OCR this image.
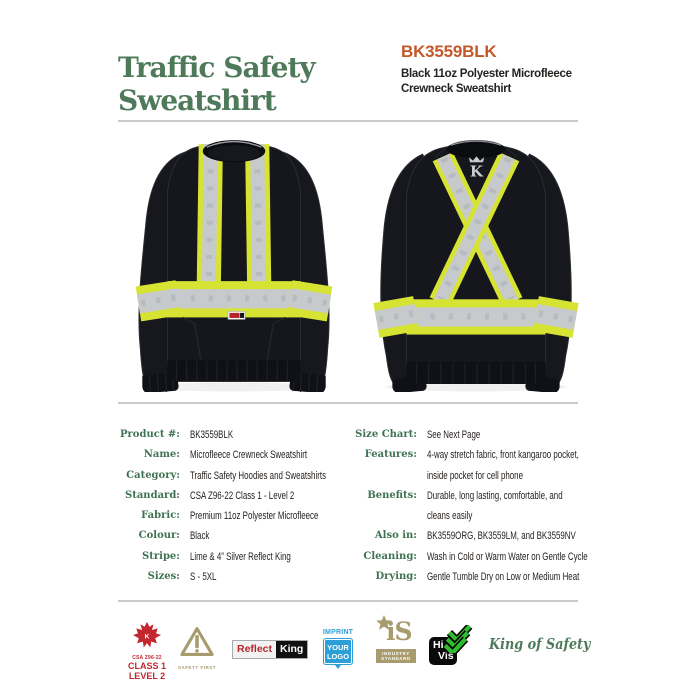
Traffic Safety
Sweatshirt
BK3559BLK
Black 11oz Polyester Microfleece
Crewneck Sweatshirt
K
Product #: BK3559BLK
Name: Microfleece Crewneck Sweatshirt
Category: Traffic Safety Hoodies and Sweatshirts
Standard: CSA Z96-22 Class 1 - Level 2
Fabric: Premium 11oz Polyester Microfleece
Colour: Black
Stripe: Lime & 4” Silver Reflect King
Sizes: S - 5XL
Size Chart: See Next Page
Features: 4-way stretch fabric, front kangaroo pocket,
inside pocket for cell phone
Benefits: Durable, long lasting, comfortable, and
cleans easily
Also in: BK3559ORG, BK3559LM, and BK3559NV
Cleaning: Wash in Cold or Warm Water on Gentle Cycle
Drying: Gentle Tumble Dry on Low or Medium Heat
K
CSA Z96-22
CLASS 1
LEVEL 2
SAFETY FIRST
Reflect King
IMPRINT
YOUR
LOGO
iS
INDUSTRY
STANDARD
Hi
Vis
King of Safety
